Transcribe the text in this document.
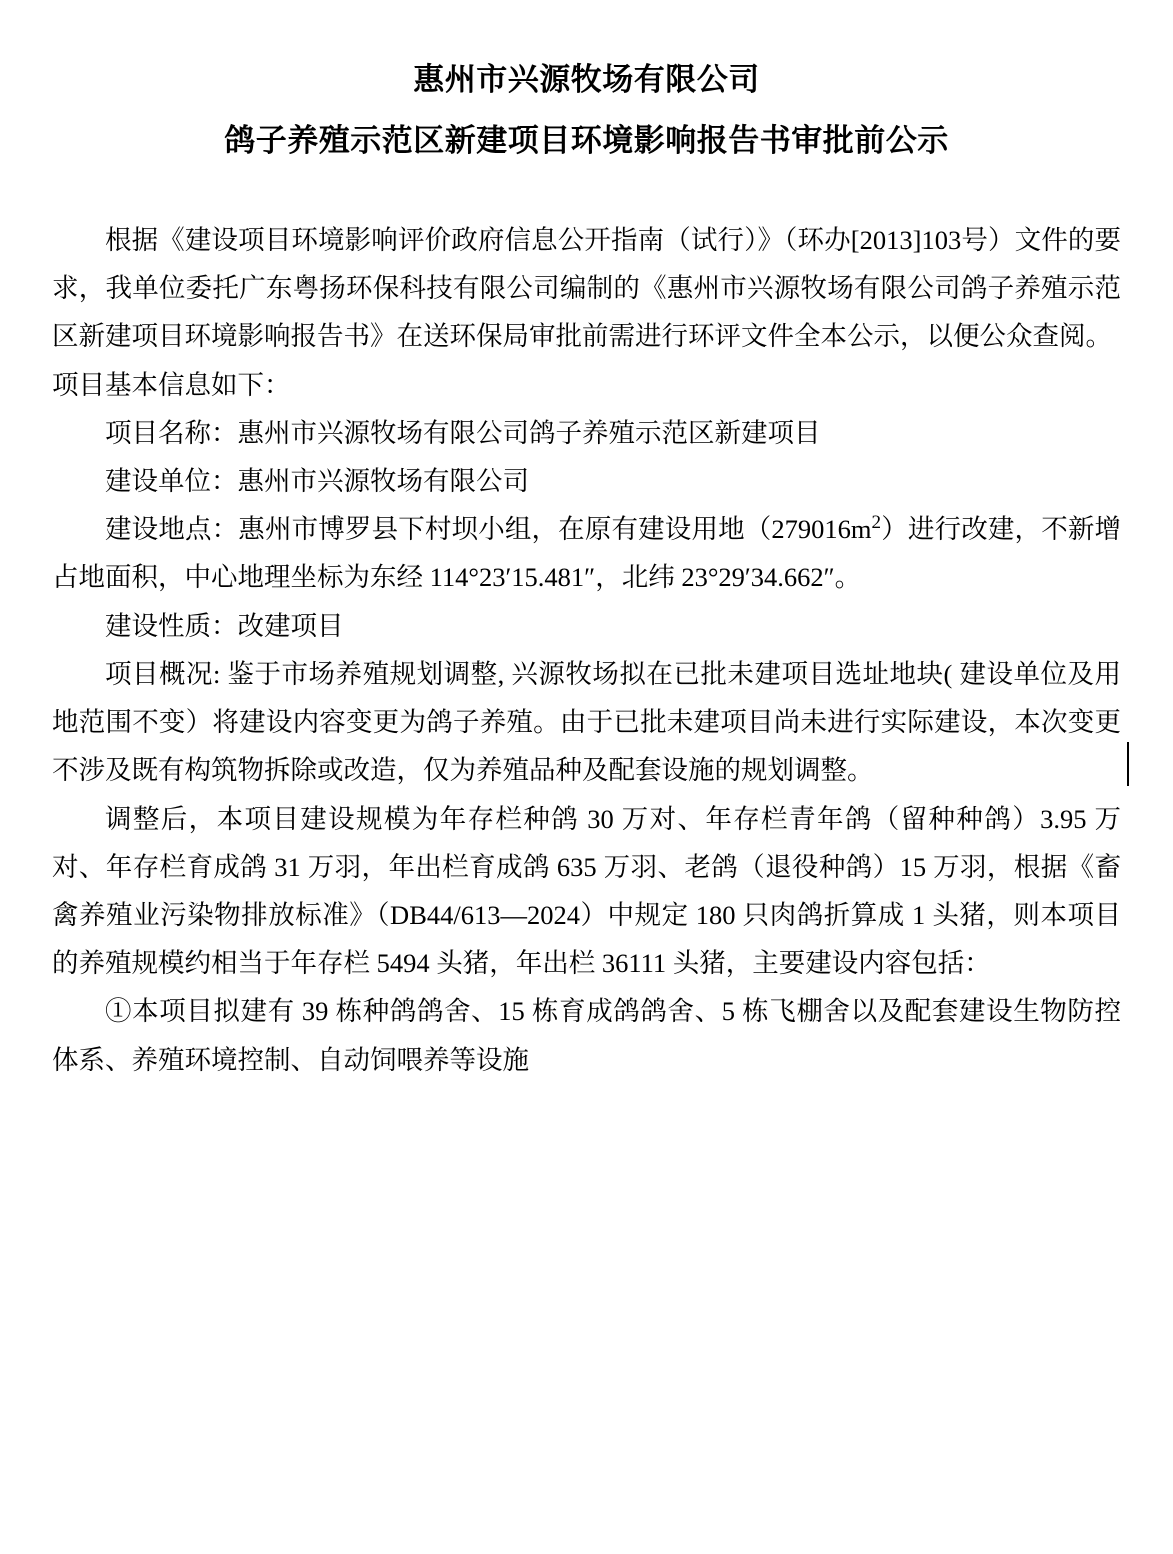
惠州市兴源牧场有限公司
鸽子养殖示范区新建项目环境影响报告书审批前公示

根据《建设项目环境影响评价政府信息公开指南（试行）》（环办[2013]103号）文件的要求，我单位委托广东粤扬环保科技有限公司编制的《惠州市兴源牧场有限公司鸽子养殖示范区新建项目环境影响报告书》在送环保局审批前需进行环评文件全本公示，以便公众查阅。

项目基本信息如下：

项目名称：惠州市兴源牧场有限公司鸽子养殖示范区新建项目

建设单位：惠州市兴源牧场有限公司

建设地点：惠州市博罗县下村坝小组，在原有建设用地$(279016m^2)$进行改建，不新增占地面积，中心地理坐标为东经 114°23′15.481″，北纬 23°29′34.662″。

建设性质：改建项目

项目概况: 鉴于市场养殖规划调整, 兴源牧场拟在已批未建项目选址地块( 建设单位及用地范围不变）将建设内容变更为鸽子养殖。由于已批未建项目尚未进行实际建设，本次变更不涉及既有构筑物拆除或改造，仅为养殖品种及配套设施的规划调整。

调整后，本项目建设规模为年存栏种鸽 30 万对、年存栏青年鸽（留种种鸽）3.95 万对、年存栏育成鸽 31 万羽，年出栏育成鸽 635 万羽、老鸽（退役种鸽）15 万羽，根据《畜禽养殖业污染物排放标准》（DB44/613—2024）中规定 180 只肉鸽折算成 1 头猪，则本项目的养殖规模约相当于年存栏 5494 头猪，年出栏 36111 头猪，主要建设内容包括：

①本项目拟建有 39 栋种鸽鸽舍、15 栋育成鸽鸽舍、5 栋飞棚舍以及配套建设生物防控体系、养殖环境控制、自动饲喂养等设施
